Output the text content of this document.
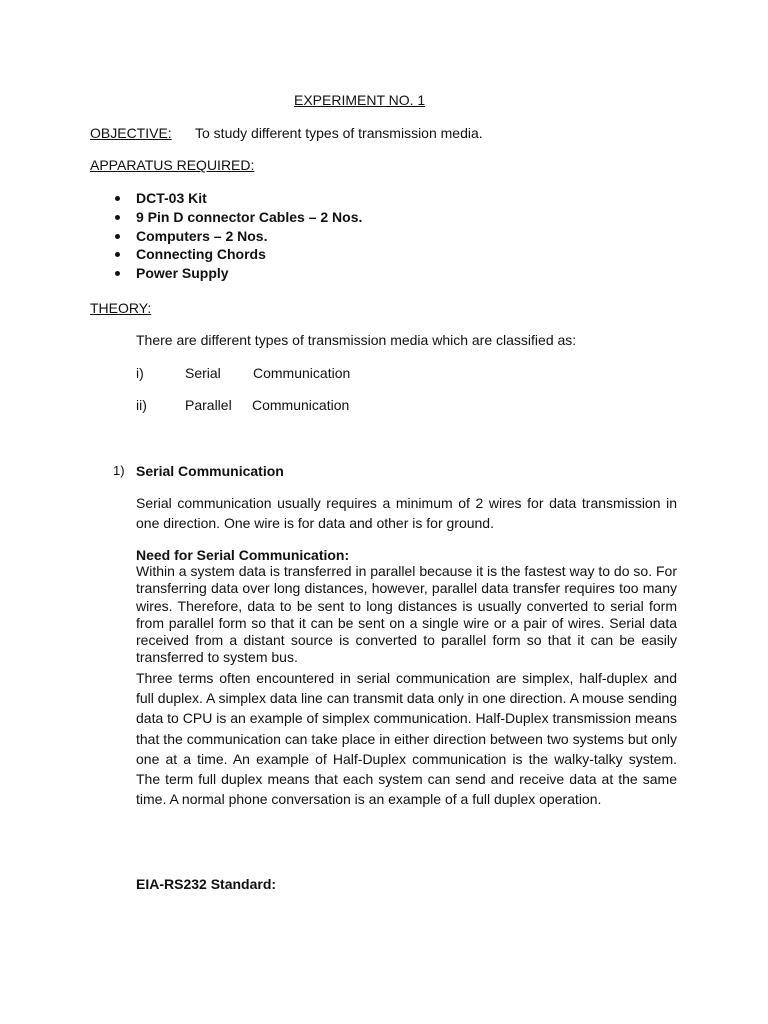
EXPERIMENT NO. 1
OBJECTIVE: To study different types of transmission media.
APPARATUS REQUIRED:
DCT-03 Kit
9 Pin D connector Cables – 2 Nos.
Computers – 2 Nos.
Connecting Chords
Power Supply
THEORY:
There are different types of transmission media which are classified as:
i)	Serial Communication
ii)	Parallel Communication
1) Serial Communication
Serial communication usually requires a minimum of 2 wires for data transmission in one direction. One wire is for data and other is for ground.
Need for Serial Communication:
Within a system data is transferred in parallel because it is the fastest way to do so. For transferring data over long distances, however, parallel data transfer requires too many wires. Therefore, data to be sent to long distances is usually converted to serial form from parallel form so that it can be sent on a single wire or a pair of wires. Serial data received from a distant source is converted to parallel form so that it can be easily transferred to system bus.
Three terms often encountered in serial communication are simplex, half-duplex and full duplex. A simplex data line can transmit data only in one direction. A mouse sending data to CPU is an example of simplex communication. Half-Duplex transmission means that the communication can take place in either direction between two systems but only one at a time. An example of Half-Duplex communication is the walky-talky system. The term full duplex means that each system can send and receive data at the same time. A normal phone conversation is an example of a full duplex operation.
EIA-RS232 Standard:
